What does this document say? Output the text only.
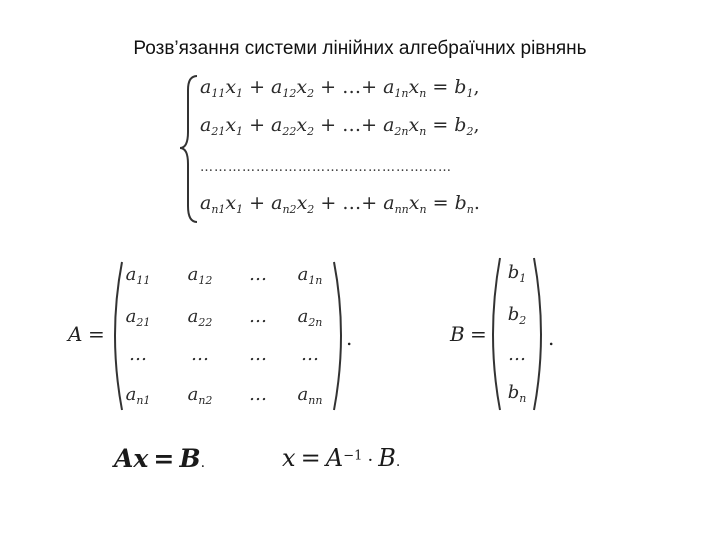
Розв’язання системи лінійних алгебраїчних рівнянь
$a_{11}x_1 + a_{12}x_2$ + …+ $a_{1n}x_n = b_1$,
$a_{21}x_1 + a_{22}x_2$ + …+ $a_{2n}x_n = b_2$,
………………………………………………
$a_{n1}x_1 + a_{n2}x_2$ + …+ $a_{nn}x_n = b_n$.
A =
$a_{11}$	$a_{12}$	…	$a_{1n}$
$a_{21}$	$a_{22}$	…	$a_{2n}$
…	…	…	…
$a_{n1}$	$a_{n2}$	…	$a_{nn}$
.	B =
$b_1$
$b_2$
…
$b_n$
.
Ax = B.	$x = A^{-1} \cdot B$.
